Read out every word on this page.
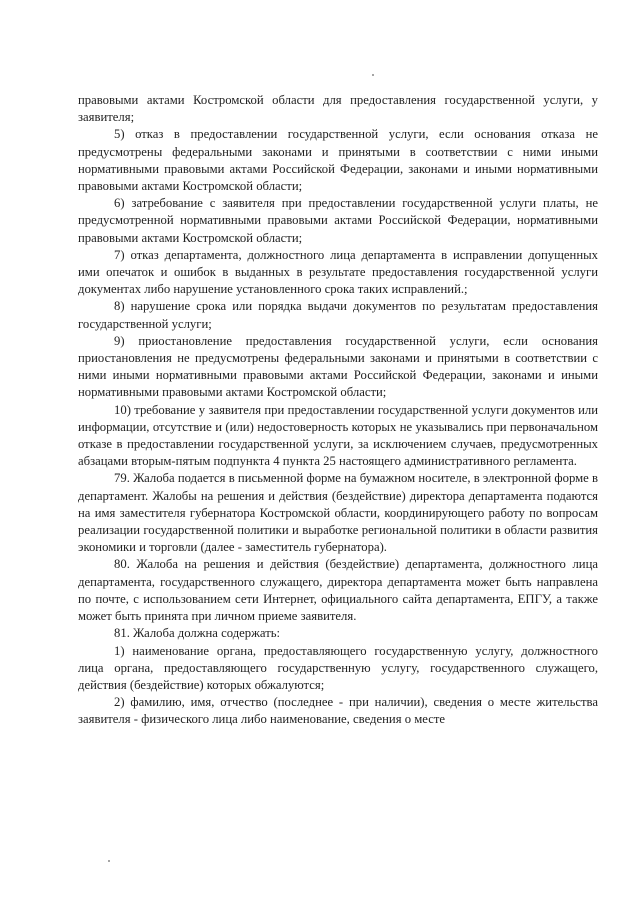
правовыми актами Костромской области для предоставления государственной услуги, у заявителя;

5) отказ в предоставлении государственной услуги, если основания отказа не предусмотрены федеральными законами и принятыми в соответствии с ними иными нормативными правовыми актами Российской Федерации, законами и иными нормативными правовыми актами Костромской области;

6) затребование с заявителя при предоставлении государственной услуги платы, не предусмотренной нормативными правовыми актами Российской Федерации, нормативными правовыми актами Костромской области;

7) отказ департамента, должностного лица департамента в исправлении допущенных ими опечаток и ошибок в выданных в результате предоставления государственной услуги документах либо нарушение установленного срока таких исправлений.;

8) нарушение срока или порядка выдачи документов по результатам предоставления государственной услуги;

9) приостановление предоставления государственной услуги, если основания приостановления не предусмотрены федеральными законами и принятыми в соответствии с ними иными нормативными правовыми актами Российской Федерации, законами и иными нормативными правовыми актами Костромской области;

10) требование у заявителя при предоставлении государственной услуги документов или информации, отсутствие и (или) недостоверность которых не указывались при первоначальном отказе в предоставлении государственной услуги, за исключением случаев, предусмотренных абзацами вторым-пятым подпункта 4 пункта 25 настоящего административного регламента.

79. Жалоба подается в письменной форме на бумажном носителе, в электронной форме в департамент. Жалобы на решения и действия (бездействие) директора департамента подаются на имя заместителя губернатора Костромской области, координирующего работу по вопросам реализации государственной политики и выработке региональной политики в области развития экономики и торговли (далее - заместитель губернатора).

80. Жалоба на решения и действия (бездействие) департамента, должностного лица департамента, государственного служащего, директора департамента может быть направлена по почте, с использованием сети Интернет, официального сайта департамента, ЕПГУ, а также может быть принята при личном приеме заявителя.

81. Жалоба должна содержать:

1) наименование органа, предоставляющего государственную услугу, должностного лица органа, предоставляющего государственную услугу, государственного служащего, действия (бездействие) которых обжалуются;

2) фамилию, имя, отчество (последнее - при наличии), сведения о месте жительства заявителя - физического лица либо наименование, сведения о месте
